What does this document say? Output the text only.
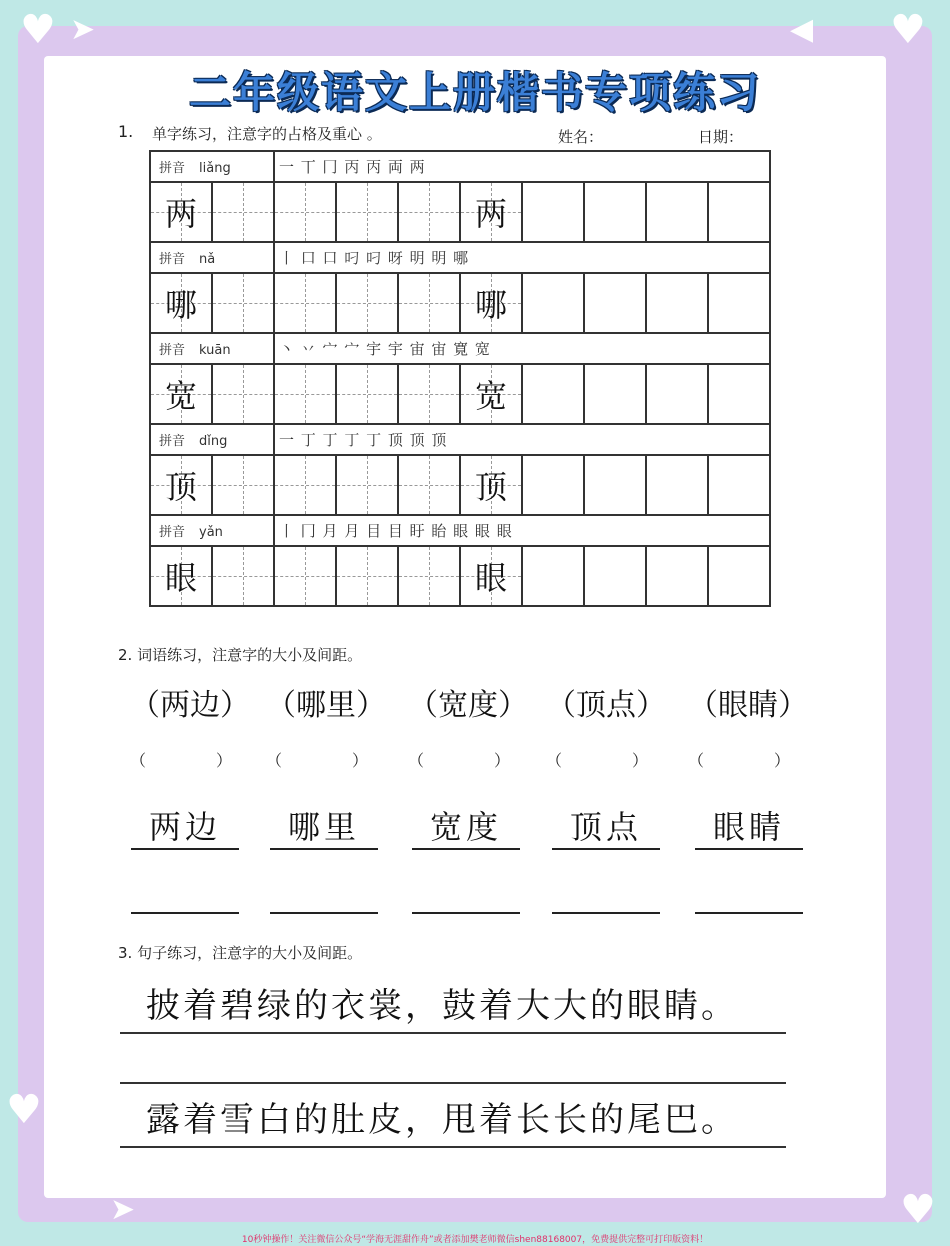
♥ ➤	◀ ♥
♥
➤	♥
二年级语文上册楷书专项练习
1. 单字练习，注意字的占格及重心 。	姓名：	日期：
拼音 liǎng		一 丅 冂 丙 丙 両 两							

两					两				

拼音 nǎ		丨 口 口 叼 叼 呀 明 明 哪							

哪					哪				

拼音 kuān		丶 丷 宀 宀 宇 宇 宙 宙 寛 宽							

宽					宽				

拼音 dǐng		一 丁 丁 丁 丁 顶 顶 顶							

顶					顶				

拼音 yǎn		丨 冂 月 月 目 目 盱 眙 眼 眼 眼							

眼					眼				

2. 词语练习，注意字的大小及间距。
（两边） （哪里） （宽度） （顶点） （眼睛）
（	） （	） （	） （	） （	）
两边	哪里	宽度	顶点	眼睛
3. 句子练习，注意字的大小及间距。
披着碧绿的衣裳，鼓着大大的眼睛。
露着雪白的肚皮，甩着长长的尾巴。
10秒钟操作！关注微信公众号“学海无涯甜作舟”或者添加樊老师微信shen88168007，免费提供完整可打印版资料！
